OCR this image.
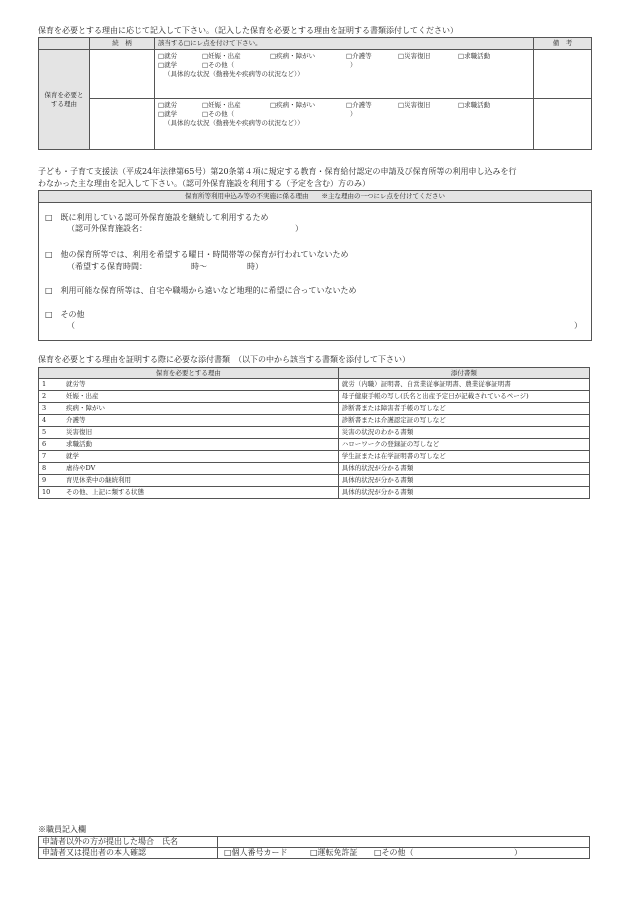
保育を必要とする理由に応じて記入して下さい。（記入した保育を必要とする理由を証明する書類添付してください）
	続　柄	該当する□にレ点を付けて下さい。	備　考
保育を必要とする理由		□就労 □妊娠・出産 □疾病・障がい □介護等 □災害復旧 □求職活動
□就学 □その他（ ）
（具体的な状況（勤務先や疾病等の状況など））	

		□就労 □妊娠・出産 □疾病・障がい □介護等 □災害復旧 □求職活動
□就学 □その他（ ）
（具体的な状況（勤務先や疾病等の状況など））	

子ども・子育て支援法（平成24年法律第65号）第20条第４項に規定する教育・保育給付認定の申請及び保育所等の利用申し込みを行
わなかった主な理由を記入して下さい。（認可外保育施設を利用する（予定を含む）方のみ）
保育所等利用申込み等の不実施に係る理由　　※主な理由の一つにレ点を付けてください
□　既に利用している認可外保育施設を継続して利用するため
（認可外保育施設名：　　　　　　　　　　　　　　　　　　　）
□　他の保育所等では、利用を希望する曜日・時間帯等の保育が行われていないため
（希望する保育時間：　　　　　　時～　　　　　時）
□　利用可能な保育所等は、自宅や職場から遠いなど地理的に希望に合っていないため
□　その他
（	）
保育を必要とする理由を証明する際に必要な添付書類　（以下の中から該当する書類を添付して下さい）
保育を必要とする理由		添付書類
1	就労等	就労（内職）証明書、自営業従事証明書、農業従事証明書
2	妊娠・出産	母子健康手帳の写し(氏名と出産予定日が記載されているページ)
3	疾病・障がい	診断書または障害者手帳の写しなど
4	介護等	診断書または介護認定証の写しなど
5	災害復旧	災害の状況のわかる書類
6	求職活動	ハローワークの登録証の写しなど
7	就学	学生証または在学証明書の写しなど
8	虐待やDV	具体的状況が分かる書類
9	育児休業中の継続利用	具体的状況が分かる書類
10	その他、上記に類する状態	具体的状況が分かる書類
※職員記入欄
申請者以外の方が提出した場合　氏名	
申請者又は提出者の本人確認	□個人番号カード □運転免許証 □その他（ ）
